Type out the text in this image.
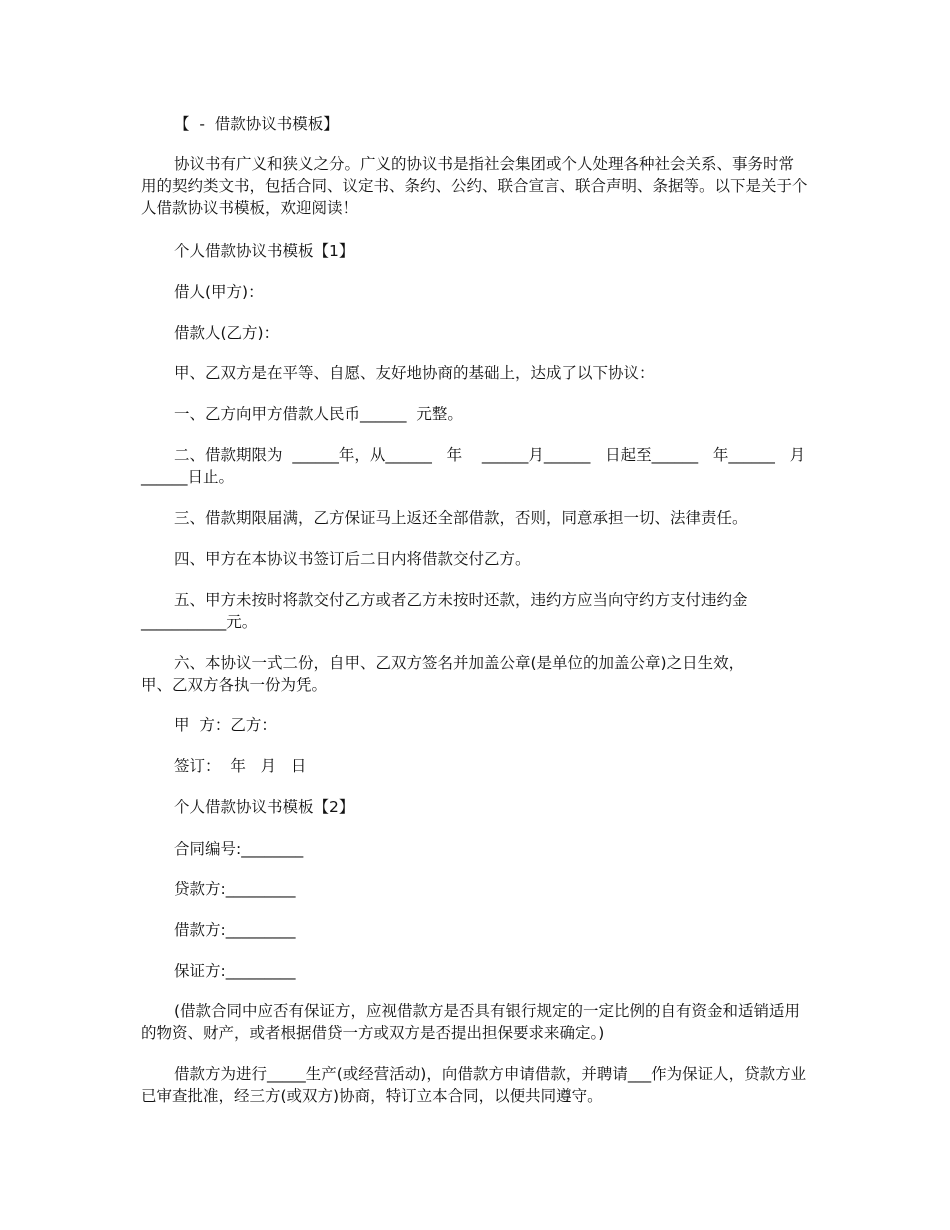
【  -  借款协议书模板】

协议书有广义和狭义之分。广义的协议书是指社会集团或个人处理各种社会关系、事务时常用的契约类文书，包括合同、议定书、条约、公约、联合宣言、联合声明、条据等。以下是关于个人借款协议书模板，欢迎阅读！

个人借款协议书模板【1】

借人(甲方)：

借款人(乙方)：

甲、乙双方是在平等、自愿、友好地协商的基础上，达成了以下协议：

一、乙方向甲方借款人民币______  元整。

二、借款期限为  ______年，从______   年    ______月______   日起至______   年______   月

______日止。

三、借款期限届满，乙方保证马上返还全部借款，否则，同意承担一切、法律责任。

四、甲方在本协议书签订后二日内将借款交付乙方。

五、甲方未按时将款交付乙方或者乙方未按时还款，违约方应当向守约方支付违约金

___________元。

六、本协议一式二份，自甲、乙双方签名并加盖公章(是单位的加盖公章)之日生效，

甲、乙双方各执一份为凭。

甲  方：乙方：

签订：  年   月   日

个人借款协议书模板【2】

合同编号:________

贷款方:_________

借款方:_________

保证方:_________

(借款合同中应否有保证方，应视借款方是否具有银行规定的一定比例的自有资金和适销适用的物资、财产，或者根据借贷一方或双方是否提出担保要求来确定。)

借款方为进行_____生产(或经营活动)，向借款方申请借款，并聘请___作为保证人，贷款方业已审查批准，经三方(或双方)协商，特订立本合同，以便共同遵守。
